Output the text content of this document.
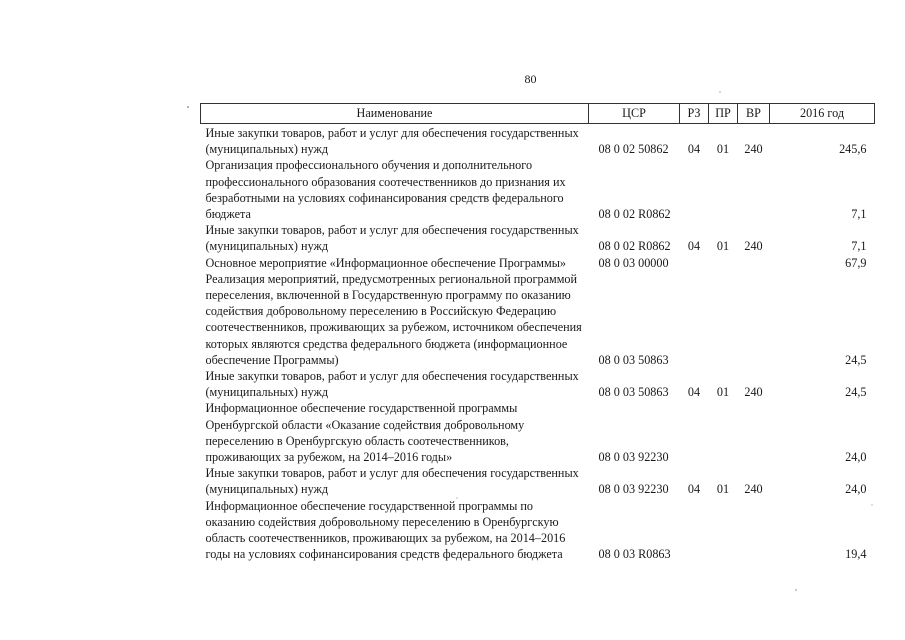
80
Наименование	ЦСР	РЗ	ПР	ВР	2016 год
Иные закупки товаров, работ и услуг для обеспечения государственных (муниципальных) нужд	08 0 02 50862	04	01	240	245,6
Организация профессионального обучения и дополнительного профессионального образования соотечественников до признания их безработными на условиях софинансирования средств федерального бюджета	08 0 02 R0862				7,1
Иные закупки товаров, работ и услуг для обеспечения государственных (муниципальных) нужд	08 0 02 R0862	04	01	240	7,1
Основное мероприятие «Информационное обеспечение Программы»	08 0 03 00000				67,9
Реализация мероприятий, предусмотренных региональной программой переселения, включенной в Государственную программу по оказанию содействия добровольному переселению в Российскую Федерацию соотечественников, проживающих за рубежом, источником обеспечения которых являются средства федерального бюджета (информационное обеспечение Программы)	08 0 03 50863				24,5
Иные закупки товаров, работ и услуг для обеспечения государственных (муниципальных) нужд	08 0 03 50863	04	01	240	24,5
Информационное обеспечение государственной программы Оренбургской области «Оказание содействия добровольному переселению в Оренбургскую область соотечественников, проживающих за рубежом, на 2014–2016 годы»	08 0 03 92230				24,0
Иные закупки товаров, работ и услуг для обеспечения государственных (муниципальных) нужд	08 0 03 92230	04	01	240	24,0
Информационное обеспечение государственной программы по оказанию содействия добровольному переселению в Оренбургскую область соотечественников, проживающих за рубежом, на 2014–2016 годы на условиях софинансирования средств федерального бюджета	08 0 03 R0863				19,4
